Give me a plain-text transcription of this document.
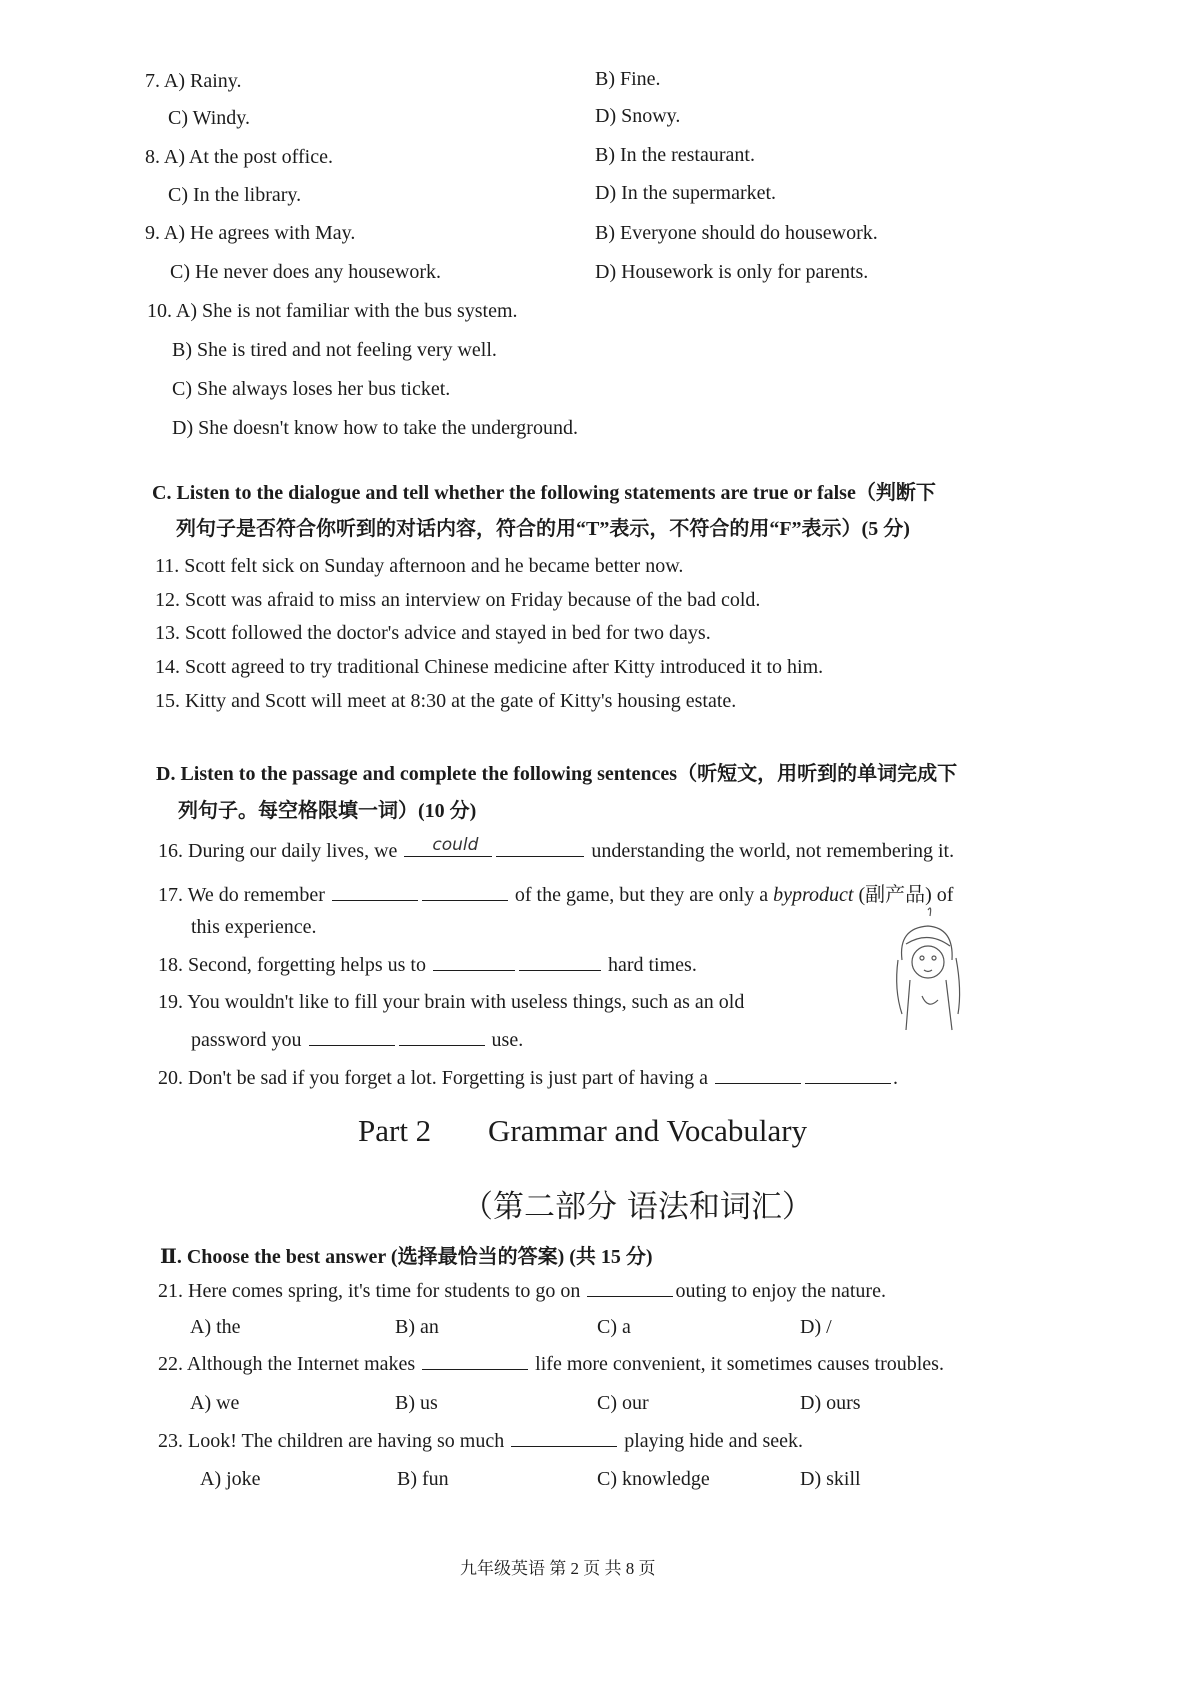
7. A) Rainy.	B) Fine.
C) Windy.	D) Snowy.
8. A) At the post office.	B) In the restaurant.
C) In the library.	D) In the supermarket.
9. A) He agrees with May.	B) Everyone should do housework.
C) He never does any housework.	D) Housework is only for parents.
10. A) She is not familiar with the bus system.
B) She is tired and not feeling very well.
C) She always loses her bus ticket.
D) She doesn't know how to take the underground.
C. Listen to the dialogue and tell whether the following statements are true or false（判断下
列句子是否符合你听到的对话内容，符合的用“T”表示，不符合的用“F”表示）(5 分)
11. Scott felt sick on Sunday afternoon and he became better now.
12. Scott was afraid to miss an interview on Friday because of the bad cold.
13. Scott followed the doctor's advice and stayed in bed for two days.
14. Scott agreed to try traditional Chinese medicine after Kitty introduced it to him.
15. Kitty and Scott will meet at 8:30 at the gate of Kitty's housing estate.
D. Listen to the passage and complete the following sentences（听短文，用听到的单词完成下
列句子。每空格限填一词）(10 分)
16. During our daily lives, we could	understanding the world, not remembering it.
17. We do remember	of the game, but they are only a byproduct (副产品) of
this experience.
18. Second, forgetting helps us to	hard times.
19. You wouldn't like to fill your brain with useless things, such as an old
password you	use.
20. Don't be sad if you forget a lot. Forgetting is just part of having a	.
Part 2 Grammar and Vocabulary
（第二部分 语法和词汇）
Ⅱ. Choose the best answer (选择最恰当的答案) (共 15 分)
21. Here comes spring, it's time for students to go on	outing to enjoy the nature.
A) the	B) an	C) a	D) /
22. Although the Internet makes	life more convenient, it sometimes causes troubles.
A) we	B) us	C) our	D) ours
23. Look! The children are having so much	playing hide and seek.
A) joke	B) fun	C) knowledge	D) skill
九年级英语 第 2 页 共 8 页
